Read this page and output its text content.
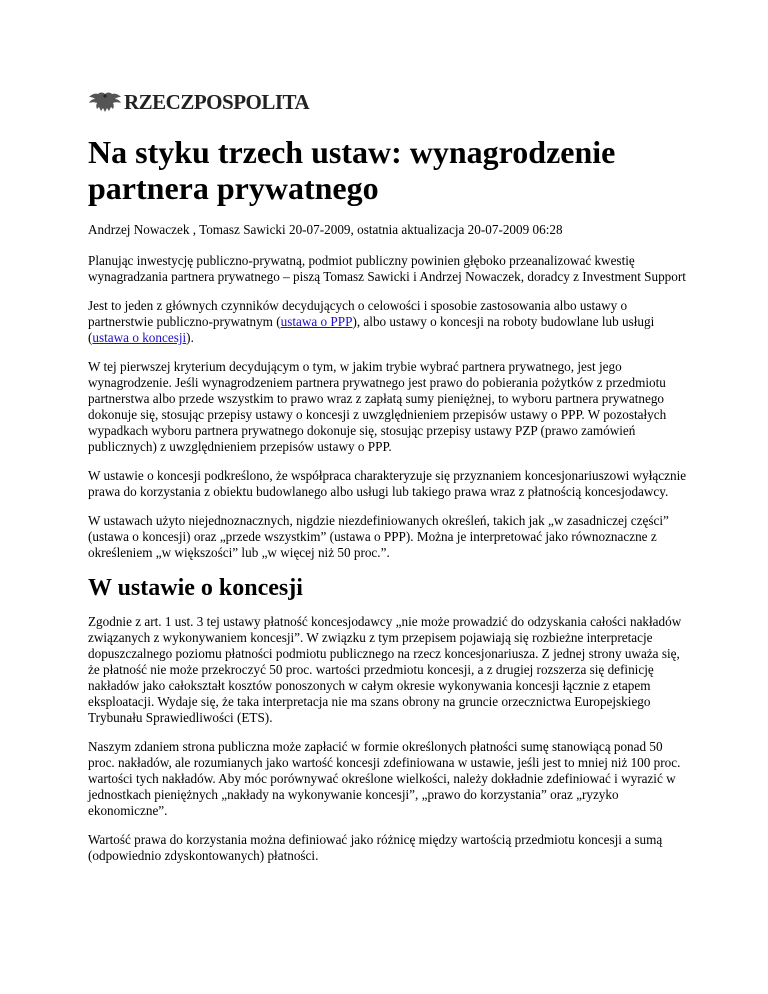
RZECZPOSPOLITA
Na styku trzech ustaw: wynagrodzenie partnera prywatnego

Andrzej Nowaczek , Tomasz Sawicki 20-07-2009, ostatnia aktualizacja 20-07-2009 06:28

Planując inwestycję publiczno-prywatną, podmiot publiczny powinien głęboko przeanalizować kwestię wynagradzania partnera prywatnego – piszą Tomasz Sawicki i Andrzej Nowaczek, doradcy z Investment Support

Jest to jeden z głównych czynników decydujących o celowości i sposobie zastosowania albo ustawy o partnerstwie publiczno-prywatnym (ustawa o PPP), albo ustawy o koncesji na roboty budowlane lub usługi (ustawa o koncesji).

W tej pierwszej kryterium decydującym o tym, w jakim trybie wybrać partnera prywatnego, jest jego wynagrodzenie. Jeśli wynagrodzeniem partnera prywatnego jest prawo do pobierania pożytków z przedmiotu partnerstwa albo przede wszystkim to prawo wraz z zapłatą sumy pieniężnej, to wyboru partnera prywatnego dokonuje się, stosując przepisy ustawy o koncesji z uwzględnieniem przepisów ustawy o PPP. W pozostałych wypadkach wyboru partnera prywatnego dokonuje się, stosując przepisy ustawy PZP (prawo zamówień publicznych) z uwzględnieniem przepisów ustawy o PPP.

W ustawie o koncesji podkreślono, że współpraca charakteryzuje się przyznaniem koncesjonariuszowi wyłącznie prawa do korzystania z obiektu budowlanego albo usługi lub takiego prawa wraz z płatnością koncesjodawcy.

W ustawach użyto niejednoznacznych, nigdzie niezdefiniowanych określeń, takich jak „w zasadniczej części” (ustawa o koncesji) oraz „przede wszystkim” (ustawa o PPP). Można je interpretować jako równoznaczne z określeniem „w większości” lub „w więcej niż 50 proc.”.

W ustawie o koncesji

Zgodnie z art. 1 ust. 3 tej ustawy płatność koncesjodawcy „nie może prowadzić do odzyskania całości nakładów związanych z wykonywaniem koncesji”. W związku z tym przepisem pojawiają się rozbieżne interpretacje dopuszczalnego poziomu płatności podmiotu publicznego na rzecz koncesjonariusza. Z jednej strony uważa się, że płatność nie może przekroczyć 50 proc. wartości przedmiotu koncesji, a z drugiej rozszerza się definicję nakładów jako całokształt kosztów ponoszonych w całym okresie wykonywania koncesji łącznie z etapem eksploatacji. Wydaje się, że taka interpretacja nie ma szans obrony na gruncie orzecznictwa Europejskiego Trybunału Sprawiedliwości (ETS).

Naszym zdaniem strona publiczna może zapłacić w formie określonych płatności sumę stanowiącą ponad 50 proc. nakładów, ale rozumianych jako wartość koncesji zdefiniowana w ustawie, jeśli jest to mniej niż 100 proc. wartości tych nakładów. Aby móc porównywać określone wielkości, należy dokładnie zdefiniować i wyrazić w jednostkach pieniężnych „nakłady na wykonywanie koncesji”, „prawo do korzystania” oraz „ryzyko ekonomiczne”.

Wartość prawa do korzystania można definiować jako różnicę między wartością przedmiotu koncesji a sumą (odpowiednio zdyskontowanych) płatności.
